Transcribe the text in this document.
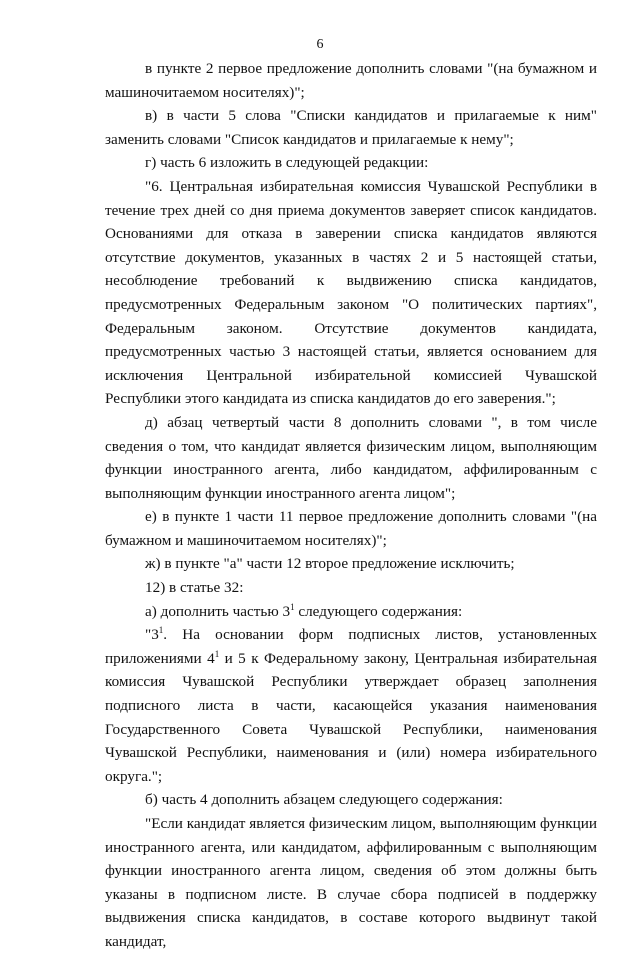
6

в пункте 2 первое предложение дополнить словами "(на бумажном и машиночитаемом носителях)";

в) в части 5 слова "Списки кандидатов и прилагаемые к ним" заменить словами "Список кандидатов и прилагаемые к нему";

г) часть 6 изложить в следующей редакции:

"6. Центральная избирательная комиссия Чувашской Республики в течение трех дней со дня приема документов заверяет список кандидатов. Основаниями для отказа в заверении списка кандидатов являются отсутствие документов, указанных в частях 2 и 5 настоящей статьи, несоблюдение требований к выдвижению списка кандидатов, предусмотренных Федеральным законом "О политических партиях", Федеральным законом. Отсутствие документов кандидата, предусмотренных частью 3 настоящей статьи, является основанием для исключения Центральной избирательной комиссией Чувашской Республики этого кандидата из списка кандидатов до его заверения.";

д) абзац четвертый части 8 дополнить словами ", в том числе сведения о том, что кандидат является физическим лицом, выполняющим функции иностранного агента, либо кандидатом, аффилированным с выполняющим функции иностранного агента лицом";

е) в пункте 1 части 11 первое предложение дополнить словами "(на бумажном и машиночитаемом носителях)";

ж) в пункте "а" части 12 второе предложение исключить;

12) в статье 32:

а) дополнить частью $3^1$ следующего содержания:

"$3^1$. На основании форм подписных листов, установленных приложениями $4^1$ и 5 к Федеральному закону, Центральная избирательная комиссия Чувашской Республики утверждает образец заполнения подписного листа в части, касающейся указания наименования Государственного Совета Чувашской Республики, наименования Чувашской Республики, наименования и (или) номера избирательного округа.";

б) часть 4 дополнить абзацем следующего содержания:

"Если кандидат является физическим лицом, выполняющим функции иностранного агента, или кандидатом, аффилированным с выполняющим функции иностранного агента лицом, сведения об этом должны быть указаны в подписном листе. В случае сбора подписей в поддержку выдвижения списка кандидатов, в составе которого выдвинут такой кандидат,
